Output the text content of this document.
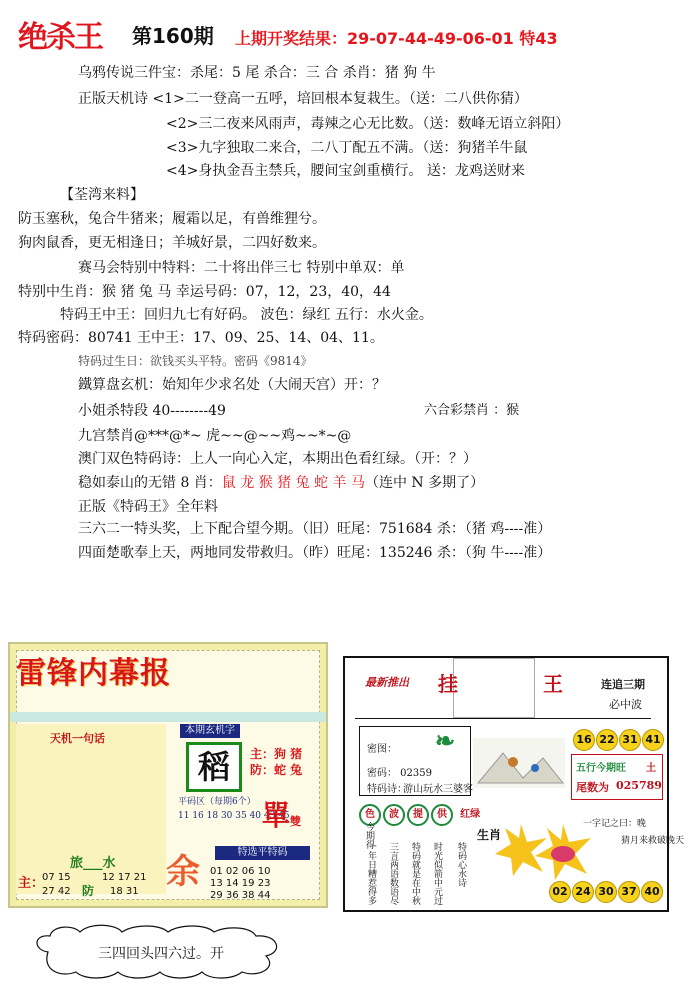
绝杀王 第160期 上期开奖结果：29-07-44-49-06-01 特43
乌鸦传说三件宝：杀尾：5 尾 杀合：三 合 杀肖：猪 狗 牛
正版天机诗 <1>二一登高一五呼，培回根本复栽生。（送：二八供你猜）
<2>三二夜来风雨声，毒辣之心无比数。（送：数峰无语立斜阳）
<3>九字独取二来合，二八丁配五不满。（送：狗猪羊牛鼠
<4>身执金吾主禁兵，腰间宝剑重横行。 送：龙鸡送财来
【荃湾来料】
防玉塞秋，兔合牛猪来；履霜以足，有兽维狸兮。
狗肉鼠香，更无相逢日；羊城好景，二四好数来。
赛马会特别中特料：二十将出伴三七 特别中单双：单
特别中生肖：猴 猪 兔 马 幸运号码：07，12，23，40，44
特码王中王：回归九七有好码。 波色：绿红 五行：水火金。
特码密码：80741 王中王：17、09、25、14、04、11。
特码过生日：欲钱买头平特。密码《9814》
鐵算盘玄机：始知年少求名处（大闹天宫）开：？
小姐杀特段 40--------49	六合彩禁肖 ：猴
九宫禁肖@***@*~ 虎~~@~~鸡~~*~@
澳门双色特码诗：上人一向心入定，本期出色看红绿。（开：？）
稳如泰山的无错 8 肖：鼠 龙 猴 猪 兔 蛇 羊 马（连中 N 多期了）
正版《特码王》全年料
三六二一特头奖，上下配合望今期。（旧）旺尾：751684 杀：（猪 鸡----准）
四面楚歌奉上天，两地同发带救归。（昨）旺尾：135246 杀：（狗 牛----准）
雷锋内幕报
天机一句话
旅___水
主：
07 15
27 42 防
12 17 21
18 31
本期玄机字
稻	主：狗 猪
防：蛇 兔
平码区（每期6个）
11 16 18 30 35 40 43 45
單雙
余	特选平特码
01 02 06 10
13 14 19 23
29 36 38 44
最新推出 挂	王	连追三期
必中波
密图： ❧
密码： 02359
特码诗：
游山玩水三婆客
16 22 31 41
五行今期旺 土
尾数为 025789
色 波 提 供 红绿
今期得
一年日糟惹得多 三言两语数语尽 特码就是在中秋 时光似箭中元过 特码心水诗
生肖
一字记之曰：晚
猜月来救破晚天
02 24 30 37 40
三四回头四六过。开
